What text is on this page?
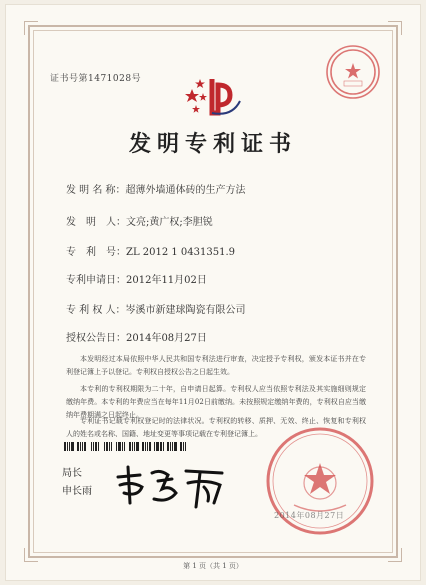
证书号第1471028号
发明专利证书
发 明 名 称：超薄外墙通体砖的生产方法
发　明　人：文亮;黄广权;李胆锐
专　利　号：ZL 2012 1 0431351.9
专利申请日：2012年11月02日
专 利 权 人：岑溪市新建球陶瓷有限公司
授权公告日：2014年08月27日

本发明经过本局依照中华人民共和国专利法进行审查，决定授予专利权，颁发本证书并在专利登记簿上予以登记。专利权自授权公告之日起生效。

本专利的专利权期限为二十年，自申请日起算。专利权人应当依照专利法及其实施细则规定缴纳年费。本专利的年费应当在每年11月02日前缴纳。未按照规定缴纳年费的，专利权自应当缴纳年费期满之日起终止。

专利证书记载专利权登记时的法律状况。专利权的转移、质押、无效、终止、恢复和专利权人的姓名或名称、国籍、地址变更等事项记载在专利登记簿上。

局长
申长雨
2014年08月27日
第 1 页（共 1 页）
